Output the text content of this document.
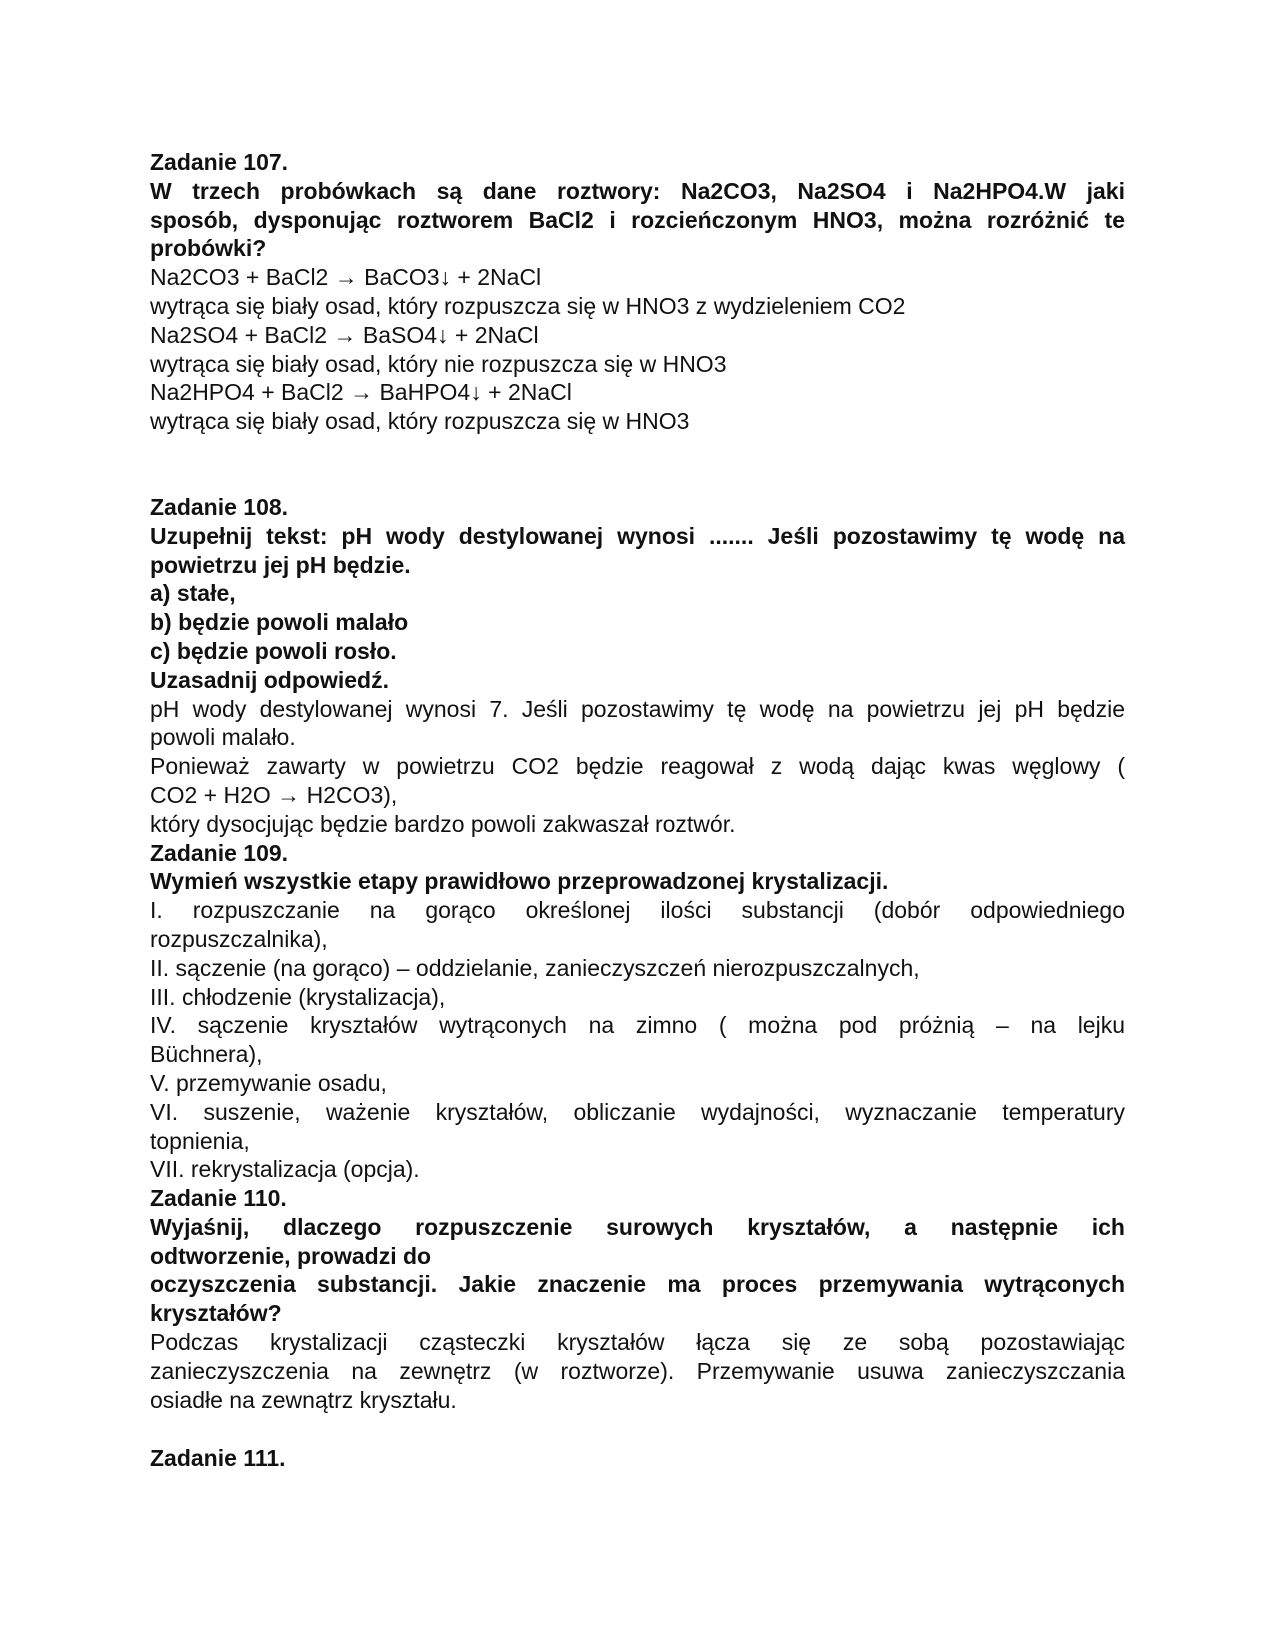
Zadanie 107.
W trzech probówkach są dane roztwory: Na2CO3, Na2SO4 i Na2HPO4.W jaki
sposób, dysponując roztworem BaCl2 i rozcieńczonym HNO3, można rozróżnić te
probówki?
Na2CO3 + BaCl2 → BaCO3↓ + 2NaCl
wytrąca się biały osad, który rozpuszcza się w HNO3 z wydzieleniem CO2
Na2SO4 + BaCl2 → BaSO4↓ + 2NaCl
wytrąca się biały osad, który nie rozpuszcza się w HNO3
Na2HPO4 + BaCl2 → BaHPO4↓ + 2NaCl
wytrąca się biały osad, który rozpuszcza się w HNO3
Zadanie 108.
Uzupełnij tekst: pH wody destylowanej wynosi ....... Jeśli pozostawimy tę wodę na
powietrzu jej pH będzie.
a) stałe,
b) będzie powoli malało
c) będzie powoli rosło.
Uzasadnij odpowiedź.
pH wody destylowanej wynosi 7. Jeśli pozostawimy tę wodę na powietrzu jej pH będzie
powoli malało.
Ponieważ zawarty w powietrzu CO2 będzie reagował z wodą dając kwas węglowy (
CO2 + H2O → H2CO3),
który dysocjując będzie bardzo powoli zakwaszał roztwór.
Zadanie 109.
Wymień wszystkie etapy prawidłowo przeprowadzonej krystalizacji.
I. rozpuszczanie na gorąco określonej ilości substancji (dobór odpowiedniego
rozpuszczalnika),
II. sączenie (na gorąco) – oddzielanie, zanieczyszczeń nierozpuszczalnych,
III. chłodzenie (krystalizacja),
IV. sączenie kryształów wytrąconych na zimno ( można pod próżnią – na lejku
Büchnera),
V. przemywanie osadu,
VI. suszenie, ważenie kryształów, obliczanie wydajności, wyznaczanie temperatury
topnienia,
VII. rekrystalizacja (opcja).
Zadanie 110.
Wyjaśnij, dlaczego rozpuszczenie surowych kryształów, a następnie ich
odtworzenie, prowadzi do
oczyszczenia substancji. Jakie znaczenie ma proces przemywania wytrąconych
kryształów?
Podczas krystalizacji cząsteczki kryształów łącza się ze sobą pozostawiając
zanieczyszczenia na zewnętrz (w roztworze). Przemywanie usuwa zanieczyszczania
osiadłe na zewnątrz kryształu.
Zadanie 111.
